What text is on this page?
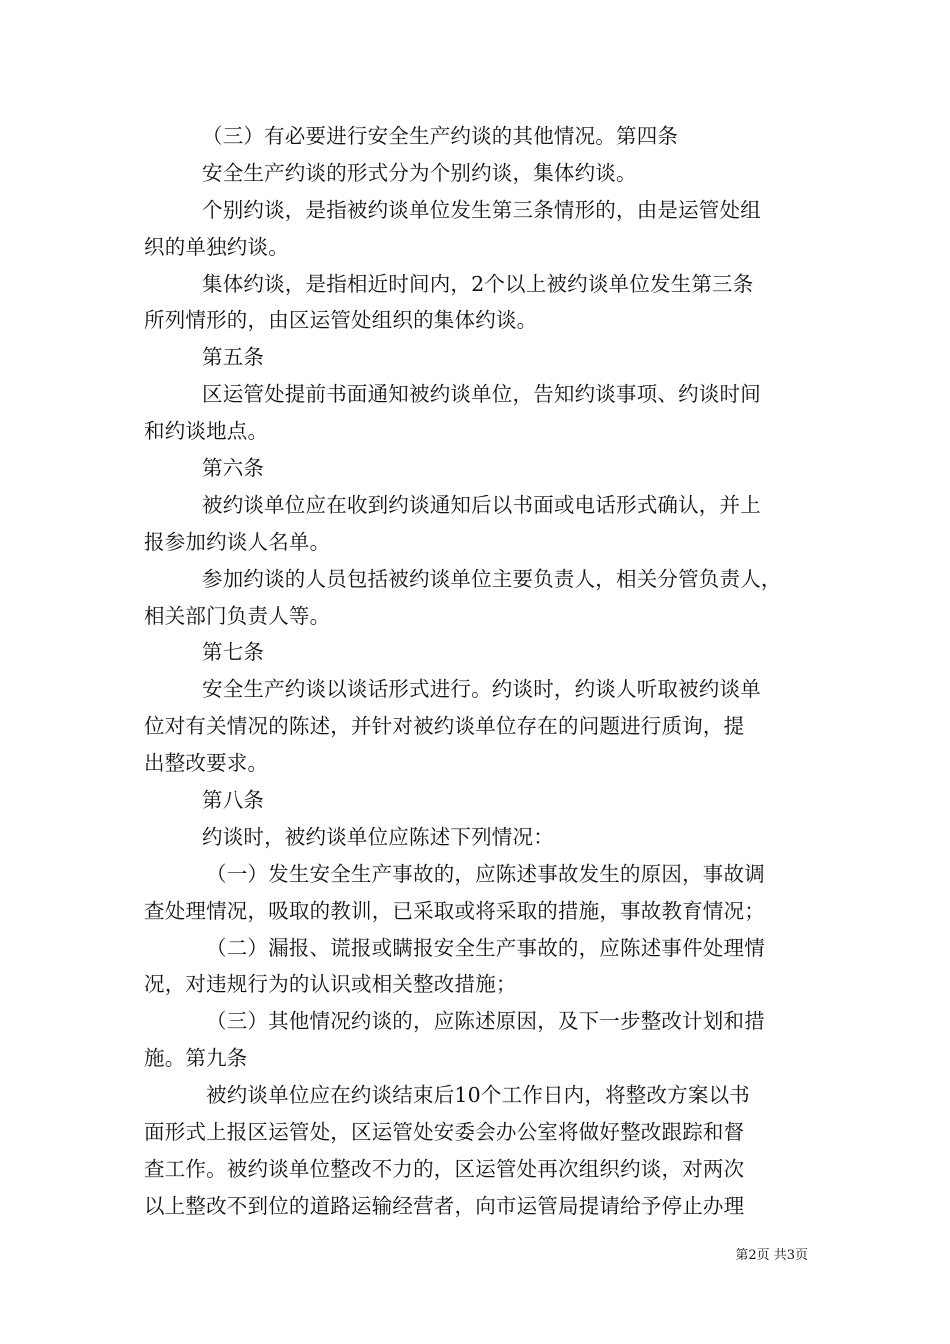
（三）有必要进行安全生产约谈的其他情况。第四条
安全生产约谈的形式分为个别约谈，集体约谈。
个别约谈，是指被约谈单位发生第三条情形的，由是运管处组
织的单独约谈。
集体约谈，是指相近时间内，2个以上被约谈单位发生第三条
所列情形的，由区运管处组织的集体约谈。
第五条
区运管处提前书面通知被约谈单位，告知约谈事项、约谈时间
和约谈地点。
第六条
被约谈单位应在收到约谈通知后以书面或电话形式确认，并上
报参加约谈人名单。
参加约谈的人员包括被约谈单位主要负责人，相关分管负责人，
相关部门负责人等。
第七条
安全生产约谈以谈话形式进行。约谈时，约谈人听取被约谈单
位对有关情况的陈述，并针对被约谈单位存在的问题进行质询，提
出整改要求。
第八条
约谈时，被约谈单位应陈述下列情况：
（一）发生安全生产事故的，应陈述事故发生的原因，事故调
查处理情况，吸取的教训，已采取或将采取的措施，事故教育情况；
（二）漏报、谎报或瞒报安全生产事故的，应陈述事件处理情
况，对违规行为的认识或相关整改措施；
（三）其他情况约谈的，应陈述原因，及下一步整改计划和措
施。第九条
被约谈单位应在约谈结束后10个工作日内，将整改方案以书
面形式上报区运管处，区运管处安委会办公室将做好整改跟踪和督
查工作。被约谈单位整改不力的，区运管处再次组织约谈，对两次
以上整改不到位的道路运输经营者，向市运管局提请给予停止办理
第2页 共3页
